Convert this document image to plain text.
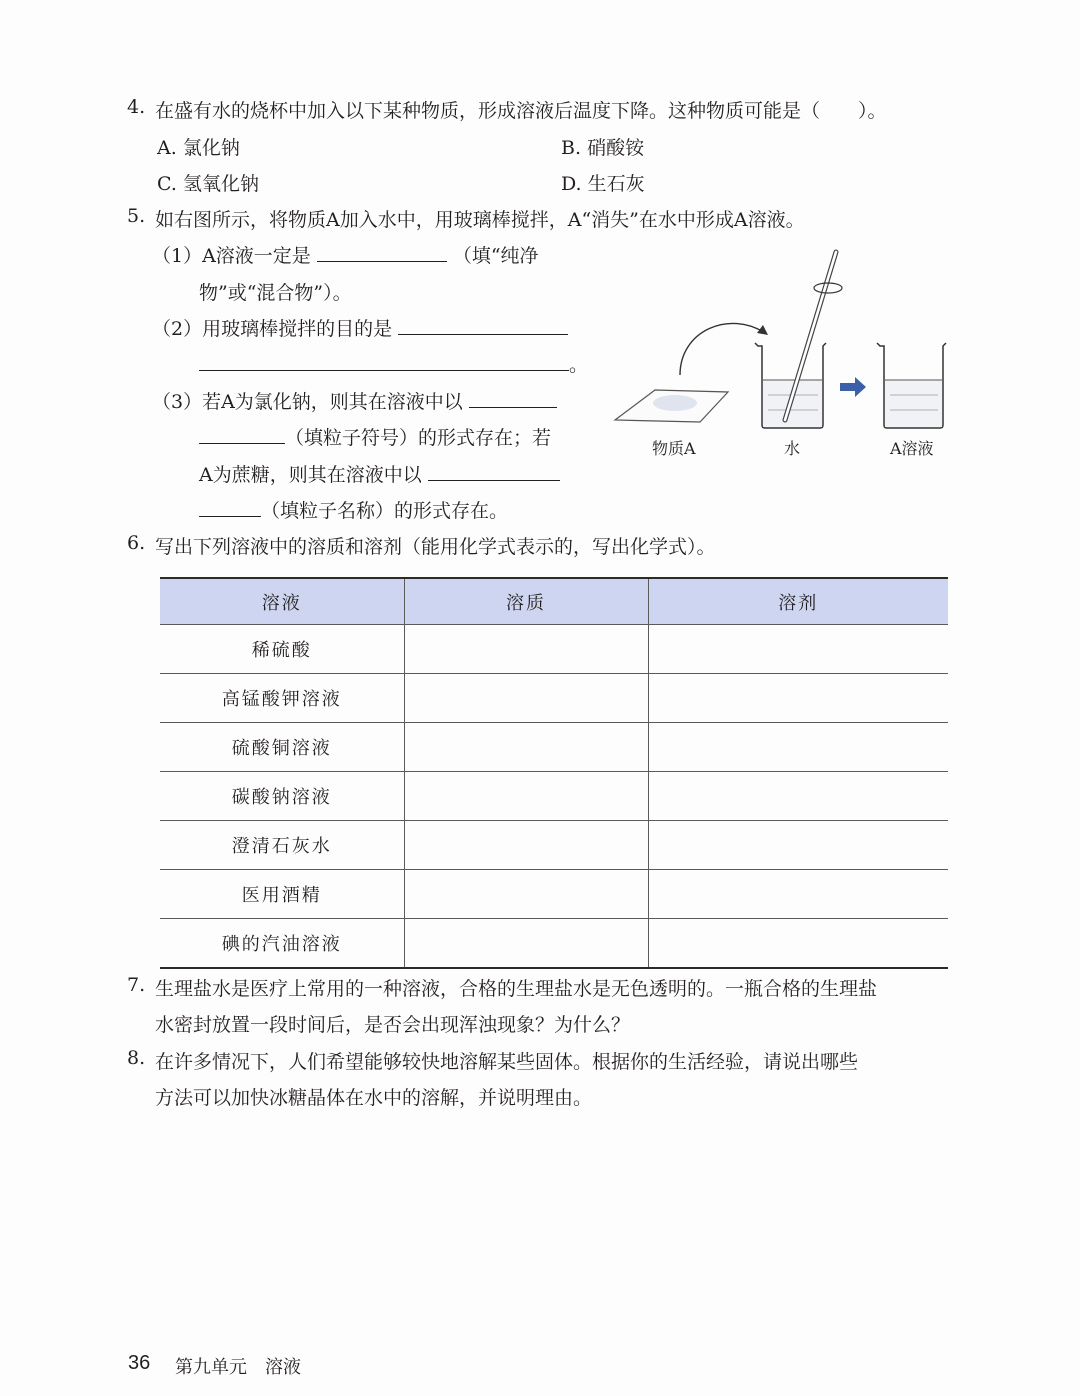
4. 在盛有水的烧杯中加入以下某种物质，形成溶液后温度下降。这种物质可能是（　　）。
A. 氯化钠	B. 硝酸铵
C. 氢氧化钠	D. 生石灰
5. 如右图所示，将物质A加入水中，用玻璃棒搅拌，A“消失”在水中形成A溶液。
（1）A溶液一定是	（填“纯净
物”或“混合物”）。
（2）用玻璃棒搅拌的目的是
。
（3）若A为氯化钠，则其在溶液中以
（填粒子符号）的形式存在；若
A为蔗糖，则其在溶液中以
（填粒子名称）的形式存在。
物质A	水	A溶液
6. 写出下列溶液中的溶质和溶剂（能用化学式表示的，写出化学式）。
溶液	溶质	溶剂
稀硫酸		
高锰酸钾溶液		
硫酸铜溶液		
碳酸钠溶液		
澄清石灰水		
医用酒精		
碘的汽油溶液		
7. 生理盐水是医疗上常用的一种溶液，合格的生理盐水是无色透明的。一瓶合格的生理盐
水密封放置一段时间后，是否会出现浑浊现象？为什么？
8. 在许多情况下，人们希望能够较快地溶解某些固体。根据你的生活经验，请说出哪些
方法可以加快冰糖晶体在水中的溶解，并说明理由。
36 第九单元　溶液
